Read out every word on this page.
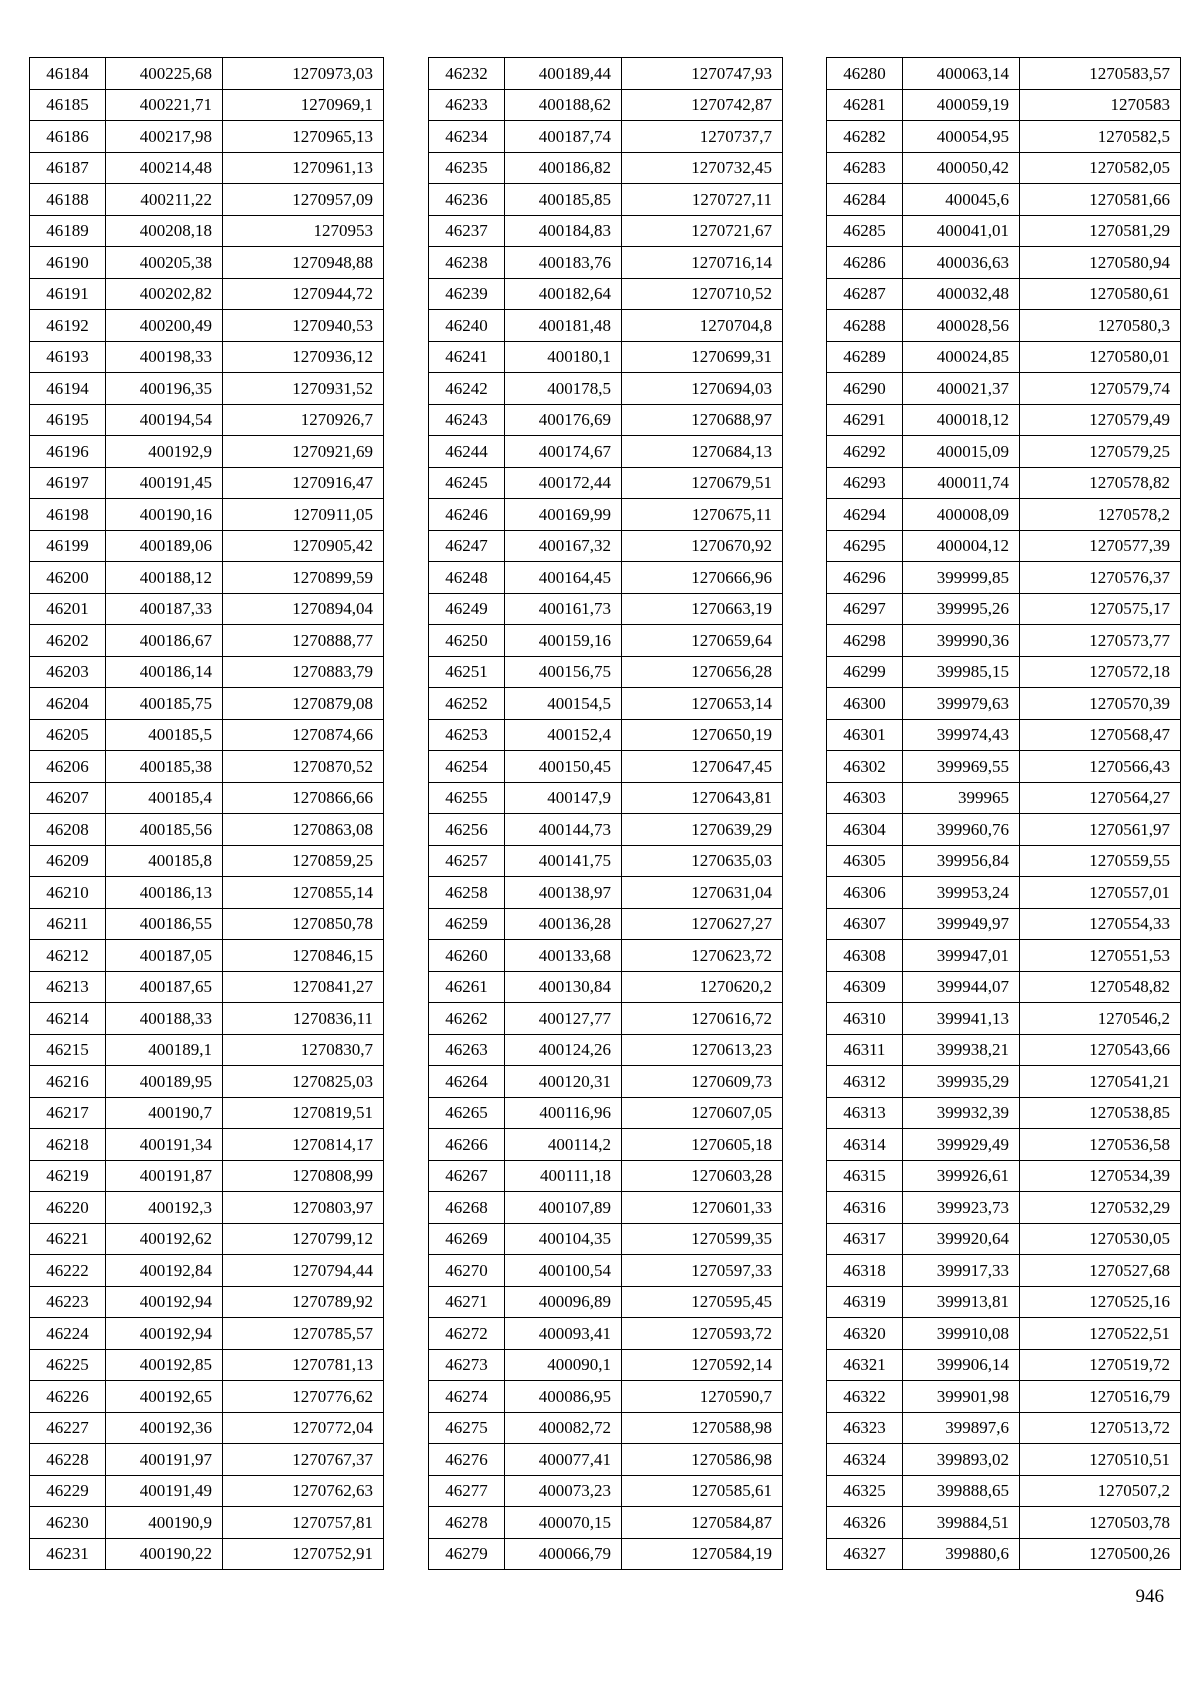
46184	400225,68	1270973,03
46185	400221,71	1270969,1
46186	400217,98	1270965,13
46187	400214,48	1270961,13
46188	400211,22	1270957,09
46189	400208,18	1270953
46190	400205,38	1270948,88
46191	400202,82	1270944,72
46192	400200,49	1270940,53
46193	400198,33	1270936,12
46194	400196,35	1270931,52
46195	400194,54	1270926,7
46196	400192,9	1270921,69
46197	400191,45	1270916,47
46198	400190,16	1270911,05
46199	400189,06	1270905,42
46200	400188,12	1270899,59
46201	400187,33	1270894,04
46202	400186,67	1270888,77
46203	400186,14	1270883,79
46204	400185,75	1270879,08
46205	400185,5	1270874,66
46206	400185,38	1270870,52
46207	400185,4	1270866,66
46208	400185,56	1270863,08
46209	400185,8	1270859,25
46210	400186,13	1270855,14
46211	400186,55	1270850,78
46212	400187,05	1270846,15
46213	400187,65	1270841,27
46214	400188,33	1270836,11
46215	400189,1	1270830,7
46216	400189,95	1270825,03
46217	400190,7	1270819,51
46218	400191,34	1270814,17
46219	400191,87	1270808,99
46220	400192,3	1270803,97
46221	400192,62	1270799,12
46222	400192,84	1270794,44
46223	400192,94	1270789,92
46224	400192,94	1270785,57
46225	400192,85	1270781,13
46226	400192,65	1270776,62
46227	400192,36	1270772,04
46228	400191,97	1270767,37
46229	400191,49	1270762,63
46230	400190,9	1270757,81
46231	400190,22	1270752,91
46232	400189,44	1270747,93
46233	400188,62	1270742,87
46234	400187,74	1270737,7
46235	400186,82	1270732,45
46236	400185,85	1270727,11
46237	400184,83	1270721,67
46238	400183,76	1270716,14
46239	400182,64	1270710,52
46240	400181,48	1270704,8
46241	400180,1	1270699,31
46242	400178,5	1270694,03
46243	400176,69	1270688,97
46244	400174,67	1270684,13
46245	400172,44	1270679,51
46246	400169,99	1270675,11
46247	400167,32	1270670,92
46248	400164,45	1270666,96
46249	400161,73	1270663,19
46250	400159,16	1270659,64
46251	400156,75	1270656,28
46252	400154,5	1270653,14
46253	400152,4	1270650,19
46254	400150,45	1270647,45
46255	400147,9	1270643,81
46256	400144,73	1270639,29
46257	400141,75	1270635,03
46258	400138,97	1270631,04
46259	400136,28	1270627,27
46260	400133,68	1270623,72
46261	400130,84	1270620,2
46262	400127,77	1270616,72
46263	400124,26	1270613,23
46264	400120,31	1270609,73
46265	400116,96	1270607,05
46266	400114,2	1270605,18
46267	400111,18	1270603,28
46268	400107,89	1270601,33
46269	400104,35	1270599,35
46270	400100,54	1270597,33
46271	400096,89	1270595,45
46272	400093,41	1270593,72
46273	400090,1	1270592,14
46274	400086,95	1270590,7
46275	400082,72	1270588,98
46276	400077,41	1270586,98
46277	400073,23	1270585,61
46278	400070,15	1270584,87
46279	400066,79	1270584,19
46280	400063,14	1270583,57
46281	400059,19	1270583
46282	400054,95	1270582,5
46283	400050,42	1270582,05
46284	400045,6	1270581,66
46285	400041,01	1270581,29
46286	400036,63	1270580,94
46287	400032,48	1270580,61
46288	400028,56	1270580,3
46289	400024,85	1270580,01
46290	400021,37	1270579,74
46291	400018,12	1270579,49
46292	400015,09	1270579,25
46293	400011,74	1270578,82
46294	400008,09	1270578,2
46295	400004,12	1270577,39
46296	399999,85	1270576,37
46297	399995,26	1270575,17
46298	399990,36	1270573,77
46299	399985,15	1270572,18
46300	399979,63	1270570,39
46301	399974,43	1270568,47
46302	399969,55	1270566,43
46303	399965	1270564,27
46304	399960,76	1270561,97
46305	399956,84	1270559,55
46306	399953,24	1270557,01
46307	399949,97	1270554,33
46308	399947,01	1270551,53
46309	399944,07	1270548,82
46310	399941,13	1270546,2
46311	399938,21	1270543,66
46312	399935,29	1270541,21
46313	399932,39	1270538,85
46314	399929,49	1270536,58
46315	399926,61	1270534,39
46316	399923,73	1270532,29
46317	399920,64	1270530,05
46318	399917,33	1270527,68
46319	399913,81	1270525,16
46320	399910,08	1270522,51
46321	399906,14	1270519,72
46322	399901,98	1270516,79
46323	399897,6	1270513,72
46324	399893,02	1270510,51
46325	399888,65	1270507,2
46326	399884,51	1270503,78
46327	399880,6	1270500,26
946
